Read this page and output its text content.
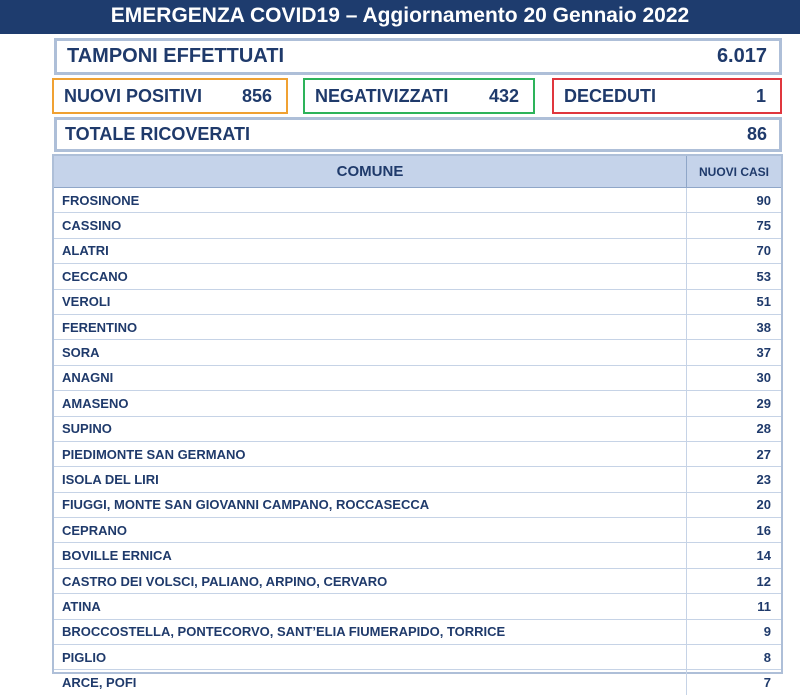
EMERGENZA COVID19 – Aggiornamento 20 Gennaio 2022
TAMPONI EFFETTUATI	6.017
NUOVI POSITIVI 856 NEGATIVIZZATI 432	DECEDUTI	1
TOTALE RICOVERATI	86
COMUNE	NUOVI CASI
FROSINONE	90
CASSINO	75
ALATRI	70
CECCANO	53
VEROLI	51
FERENTINO	38
SORA	37
ANAGNI	30
AMASENO	29
SUPINO	28
PIEDIMONTE SAN GERMANO	27
ISOLA DEL LIRI	23
FIUGGI, MONTE SAN GIOVANNI CAMPANO, ROCCASECCA	20
CEPRANO	16
BOVILLE ERNICA	14
CASTRO DEI VOLSCI, PALIANO, ARPINO, CERVARO	12
ATINA	11
BROCCOSTELLA, PONTECORVO, SANT’ELIA FIUMERAPIDO, TORRICE	9
PIGLIO	8
ARCE, POFI	7
